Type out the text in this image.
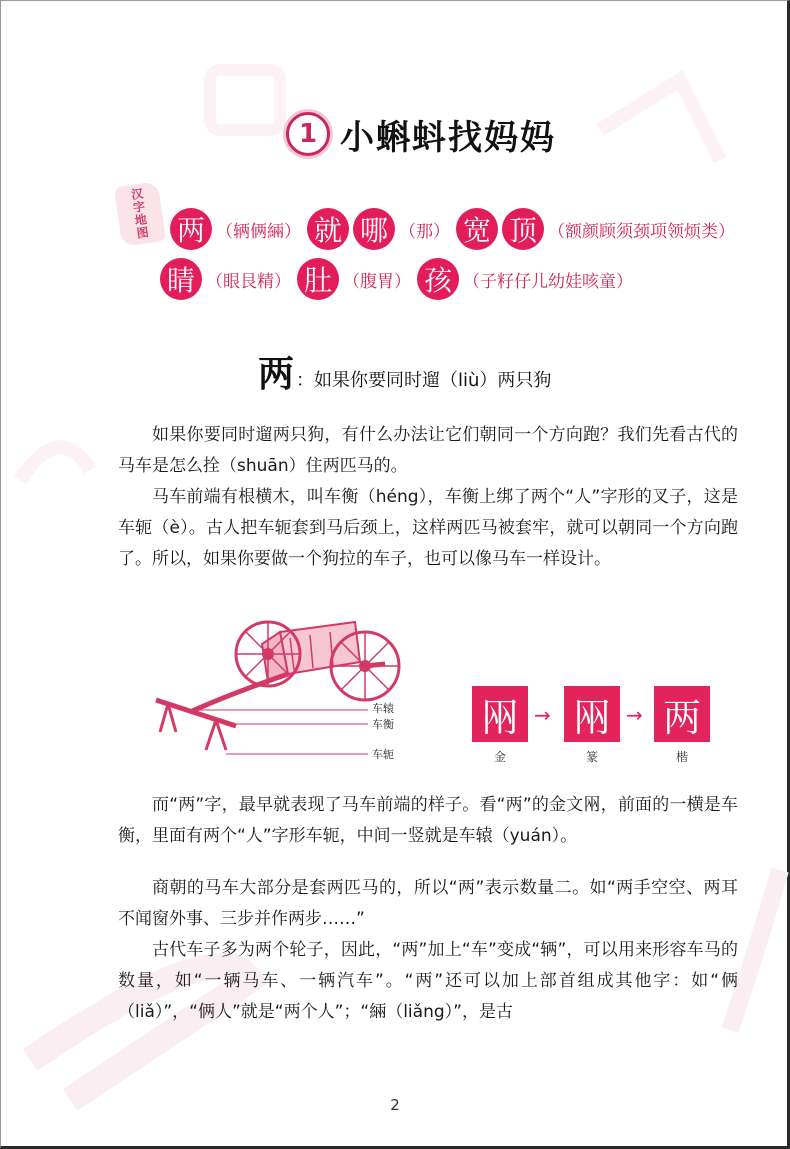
1 小蝌蚪找妈妈
汉
字
地
图 两 （辆俩緉） 就 哪 （那） 宽 顶 （额颜顾须颈项领烦类）
睛 （眼艮精） 肚 （腹胃） 孩 （子籽仔儿幼娃咳童）
两 ：如果你要同时遛（liù）两只狗

如果你要同时遛两只狗，有什么办法让它们朝同一个方向跑？我们先看古代的马车是怎么拴（shuān）住两匹马的。

马车前端有根横木，叫车衡（héng），车衡上绑了两个“人”字形的叉子，这是车轭（è）。古人把车轭套到马后颈上，这样两匹马被套牢，就可以朝同一个方向跑了。所以，如果你要做一个狗拉的车子，也可以像马车一样设计。

车辕
车衡
车轭
㒳 → 㒳 → 两
金	篆	楷

而“两”字，最早就表现了马车前端的样子。看“两”的金文㒳，前面的一横是车衡，里面有两个“人”字形车轭，中间一竖就是车辕（yuán）。

商朝的马车大部分是套两匹马的，所以“两”表示数量二。如“两手空空、两耳不闻窗外事、三步并作两步……”

古代车子多为两个轮子，因此，“两”加上“车”变成“辆”，可以用来形容车马的数量，如“一辆马车、一辆汽车”。“两”还可以加上部首组成其他字：如“俩（liǎ）”，“俩人”就是“两个人”；“緉（liǎng）”，是古

2
